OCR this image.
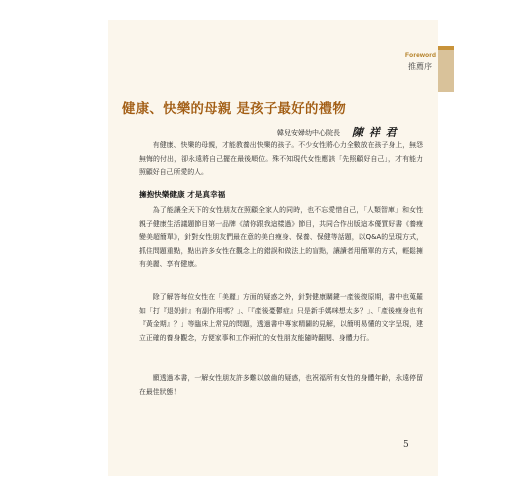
Foreword
推薦序
健康、快樂的母親 是孩子最好的禮物
韓兒安婦幼中心院長 陳 祥 君

有健康、快樂的母親，才能教養出快樂的孩子。不少女性將心力全數放在孩子身上，無怨無悔的付出，卻永遠將自己擺在最後順位。殊不知現代女性應該「先照顧好自己」，才有能力照顧好自己所愛的人。

擁抱快樂健康 才是真幸福

為了能讓全天下的女性朋友在照顧全家人的同時，也不忘愛惜自己，「人類智庫」和女性親子健康生活議題節目第一品牌《請你跟我這樣過》節目，共同合作出版這本優質好書《養瘦變美超簡單》，針對女性朋友們最在意的美白瘦身、保養、保健等話題，以Q&A的呈現方式，抓住問題重點，點出許多女性在觀念上的錯誤和做法上的盲點，讓讀者用簡單的方式，輕鬆擁有美麗、享有健康。

除了解答每位女性在「美麗」方面的疑惑之外，針對健康關鍵一產後復原期，書中也蒐羅如「打『退奶針』有副作用嗎？」、「『產後憂鬱症』只是新手媽咪想太多？」、「產後瘦身也有『黃金期』？」等臨床上常見的問題，透過書中專家精闢的見解，以簡明易懂的文字呈現，建立正確的養身觀念，方便家事和工作兩忙的女性朋友能隨時翻閱、身體力行。

願透過本書，一解女性朋友許多難以啟齒的疑惑，也祝福所有女性的身體年齡，永遠停留在最佳狀態！

5
